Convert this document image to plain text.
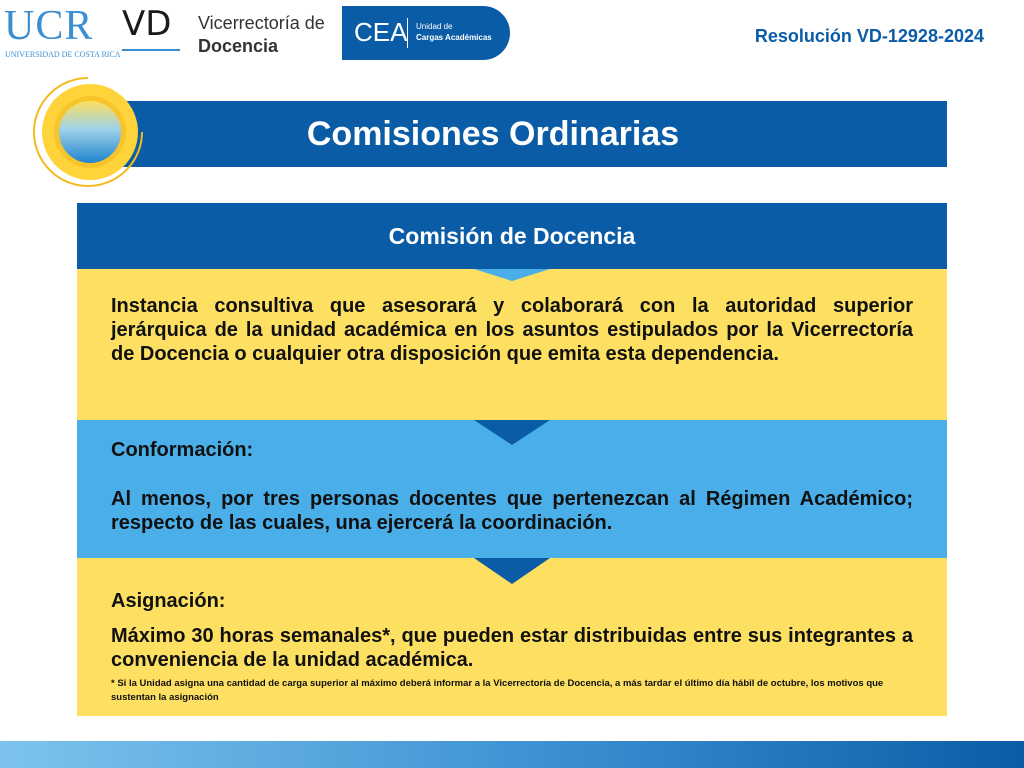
UCR
UNIVERSIDAD DE COSTA RICA
VD Vicerrectoría de
Docencia	CEA Unidad de
Cargas Académicas	Resolución VD-12928-2024
Comisiones Ordinarias
Comisión de Docencia
Instancia consultiva que asesorará y colaborará con la autoridad superior jerárquica de la unidad académica en los asuntos estipulados por la Vicerrectoría de Docencia o cualquier otra disposición que emita esta dependencia.
Conformación:
Al menos, por tres personas docentes que pertenezcan al Régimen Académico; respecto de las cuales, una ejercerá la coordinación.
Asignación:
Máximo 30 horas semanales*, que pueden estar distribuidas entre sus integrantes a conveniencia de la unidad académica.
* Si la Unidad asigna una cantidad de carga superior al máximo deberá informar a la Vicerrectoría de Docencia, a más tardar el último día hábil de octubre, los motivos que sustentan la asignación
